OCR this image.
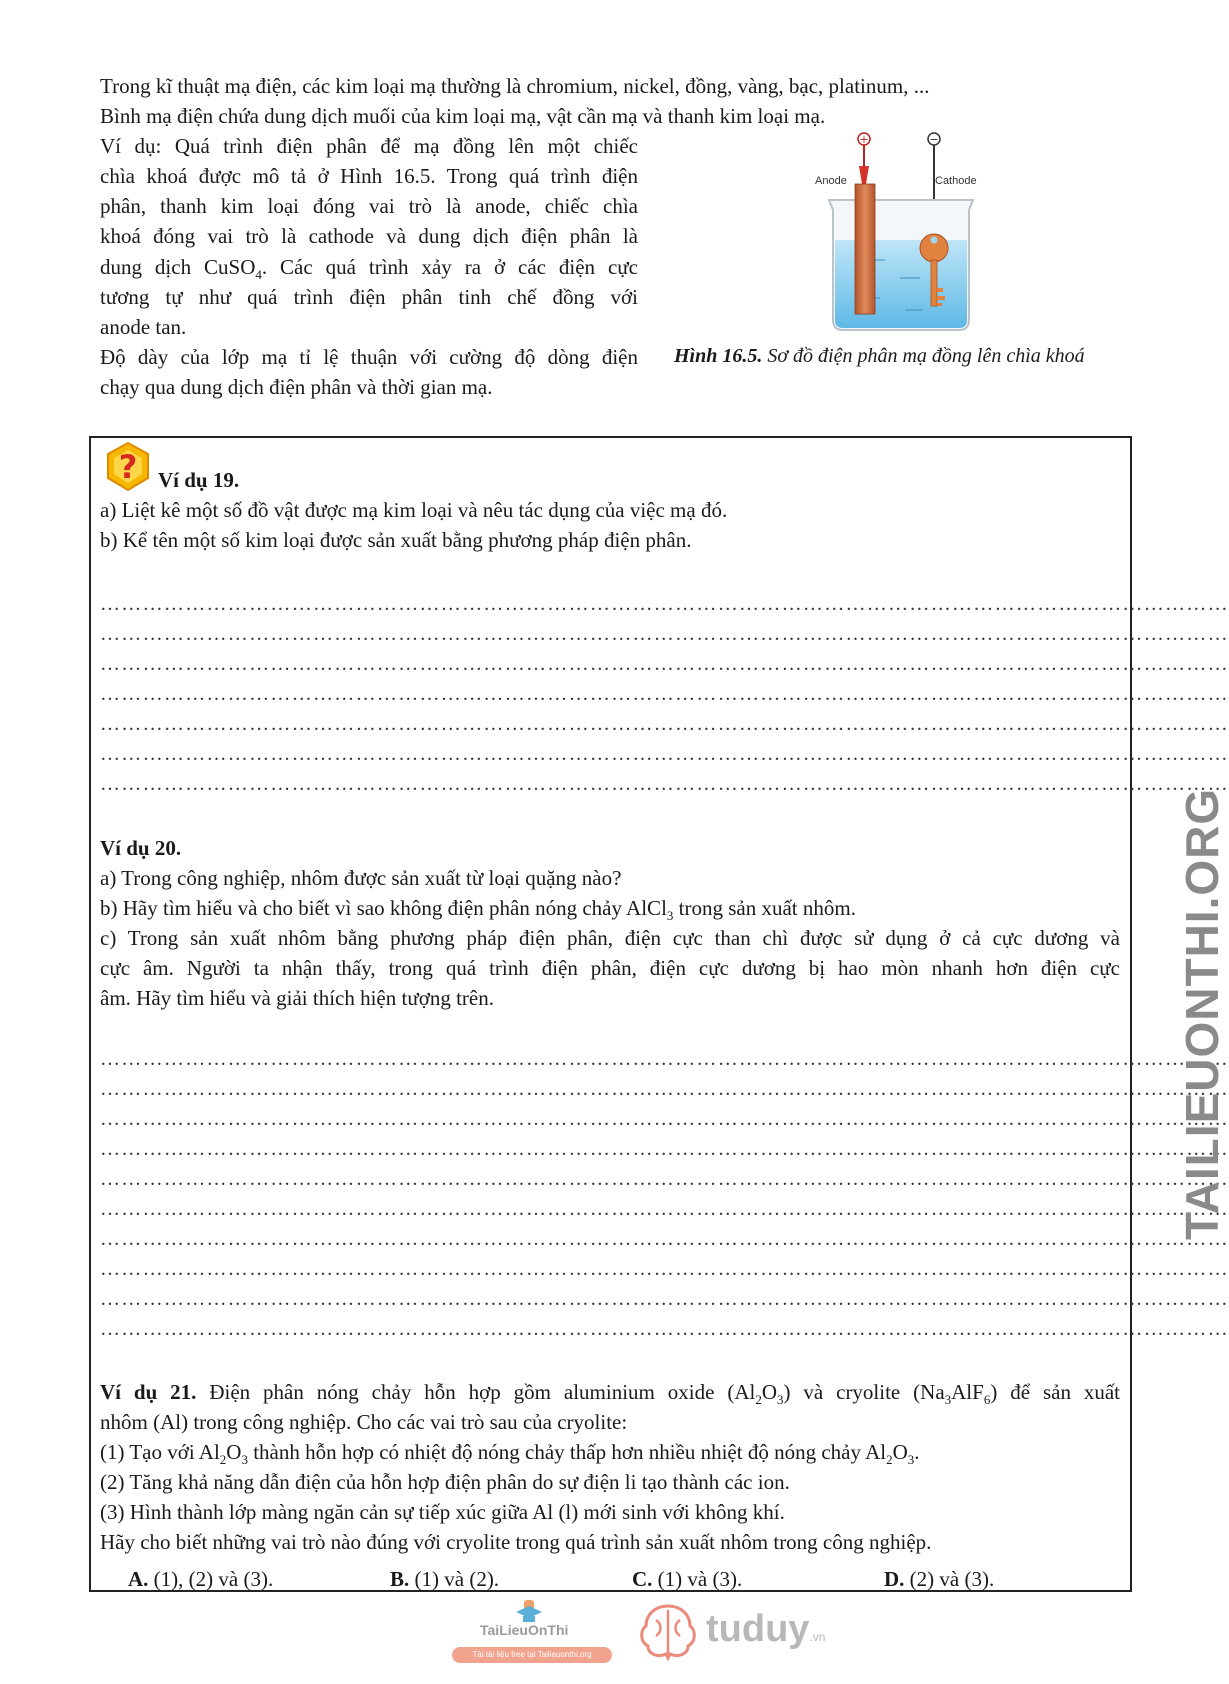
Trong kĩ thuật mạ điện, các kim loại mạ thường là chromium, nickel, đồng, vàng, bạc, platinum, ...
Bình mạ điện chứa dung dịch muối của kim loại mạ, vật cần mạ và thanh kim loại mạ.
Ví dụ: Quá trình điện phân để mạ đồng lên một chiếc
chìa khoá được mô tả ở Hình 16.5. Trong quá trình điện
phân, thanh kim loại đóng vai trò là anode, chiếc chìa
khoá đóng vai trò là cathode và dung dịch điện phân là
dung dịch CuSO$_4$. Các quá trình xảy ra ở các điện cực
tương tự như quá trình điện phân tinh chế đồng với
anode tan.
Độ dày của lớp mạ tỉ lệ thuận với cường độ dòng điện
chạy qua dung dịch điện phân và thời gian mạ.
+	−
Anode	Cathode
Hình 16.5. Sơ đồ điện phân mạ đồng lên chìa khoá
? Ví dụ 19.
a) Liệt kê một số đồ vật được mạ kim loại và nêu tác dụng của việc mạ đó.
b) Kể tên một số kim loại được sản xuất bằng phương pháp điện phân.
……………………………………………………………………………………………………………………………………………
……………………………………………………………………………………………………………………………………………
……………………………………………………………………………………………………………………………………………
……………………………………………………………………………………………………………………………………………
……………………………………………………………………………………………………………………………………………
……………………………………………………………………………………………………………………………………………
……………………………………………………………………………………………………………………………………………
Ví dụ 20.
a) Trong công nghiệp, nhôm được sản xuất từ loại quặng nào?
b) Hãy tìm hiểu và cho biết vì sao không điện phân nóng chảy AlCl$_3$ trong sản xuất nhôm.
c) Trong sản xuất nhôm bằng phương pháp điện phân, điện cực than chì được sử dụng ở cả cực dương và
cực âm. Người ta nhận thấy, trong quá trình điện phân, điện cực dương bị hao mòn nhanh hơn điện cực
âm. Hãy tìm hiểu và giải thích hiện tượng trên.
……………………………………………………………………………………………………………………………………………
……………………………………………………………………………………………………………………………………………
……………………………………………………………………………………………………………………………………………
……………………………………………………………………………………………………………………………………………
……………………………………………………………………………………………………………………………………………
……………………………………………………………………………………………………………………………………………
……………………………………………………………………………………………………………………………………………
……………………………………………………………………………………………………………………………………………
……………………………………………………………………………………………………………………………………………
……………………………………………………………………………………………………………………………………………
Ví dụ 21. Điện phân nóng chảy hỗn hợp gồm aluminium oxide $(Al_2O_3)$ và cryolite $(Na_3AlF_6)$ để sản xuất
nhôm (Al) trong công nghiệp. Cho các vai trò sau của cryolite:
(1) Tạo với $Al_2O_3$ thành hỗn hợp có nhiệt độ nóng chảy thấp hơn nhiều nhiệt độ nóng chảy $Al_2O_3$.
(2) Tăng khả năng dẫn điện của hỗn hợp điện phân do sự điện li tạo thành các ion.
(3) Hình thành lớp màng ngăn cản sự tiếp xúc giữa Al (l) mới sinh với không khí.
Hãy cho biết những vai trò nào đúng với cryolite trong quá trình sản xuất nhôm trong công nghiệp.
A. (1), (2) và (3).	B. (1) và (2).	C. (1) và (3).	D. (2) và (3).
TAILIEUONTHI.ORG
TaiLieuOnThi
Tải tài liệu free tại Tailieuonthi.org
tuduy.vn
